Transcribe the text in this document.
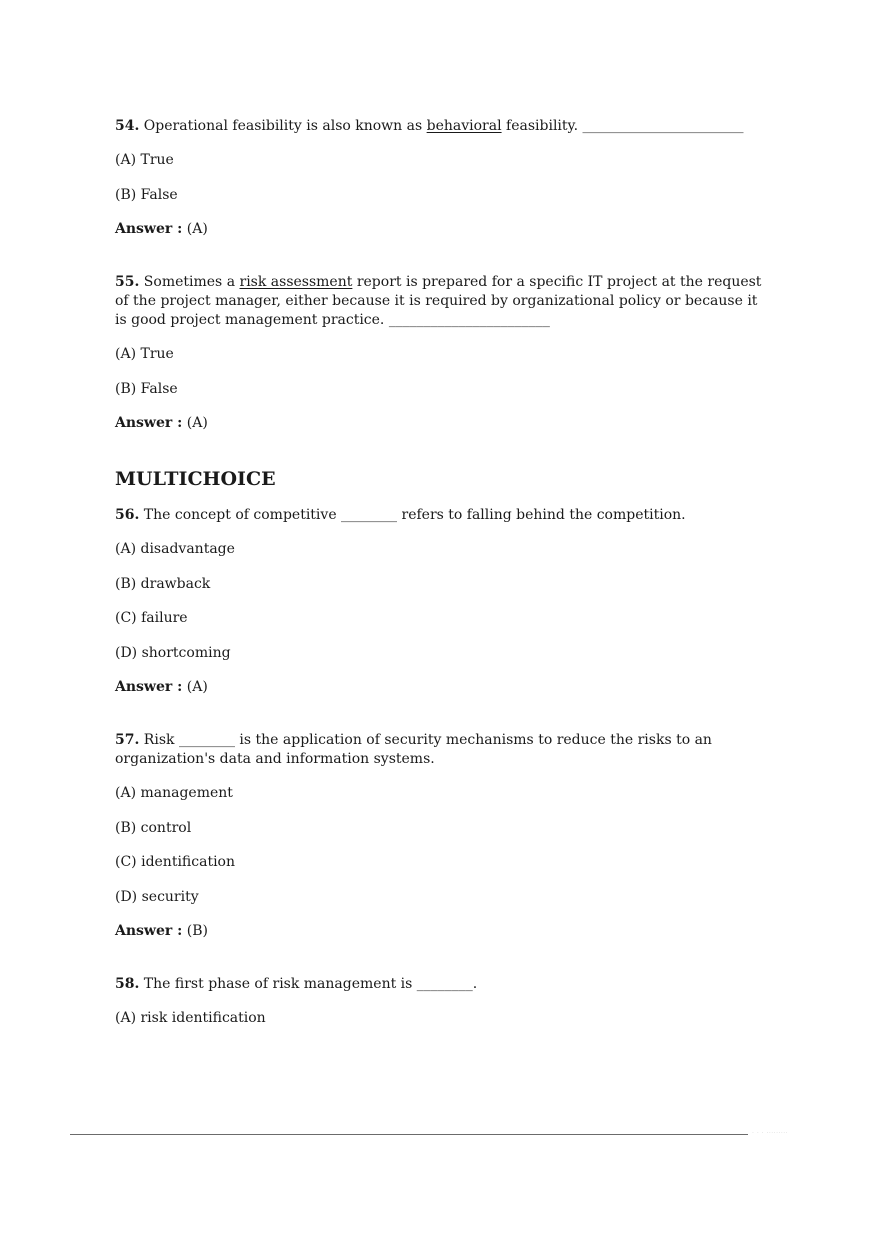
54. Operational feasibility is also known as behavioral feasibility. _______________________

(A) True

(B) False

Answer : (A)

55. Sometimes a risk assessment report is prepared for a specific IT project at the request of the project manager, either because it is required by organizational policy or because it is good project management practice. _______________________

(A) True

(B) False

Answer : (A)

MULTICHOICE

56. The concept of competitive ________ refers to falling behind the competition.

(A) disadvantage

(B) drawback

(C) failure

(D) shortcoming

Answer : (A)

57. Risk ________ is the application of security mechanisms to reduce the risks to an organization's data and information systems.

(A) management

(B) control

(C) identification

(D) security

Answer : (B)

58. The first phase of risk management is ________.

(A) risk identification

· · · ·········
